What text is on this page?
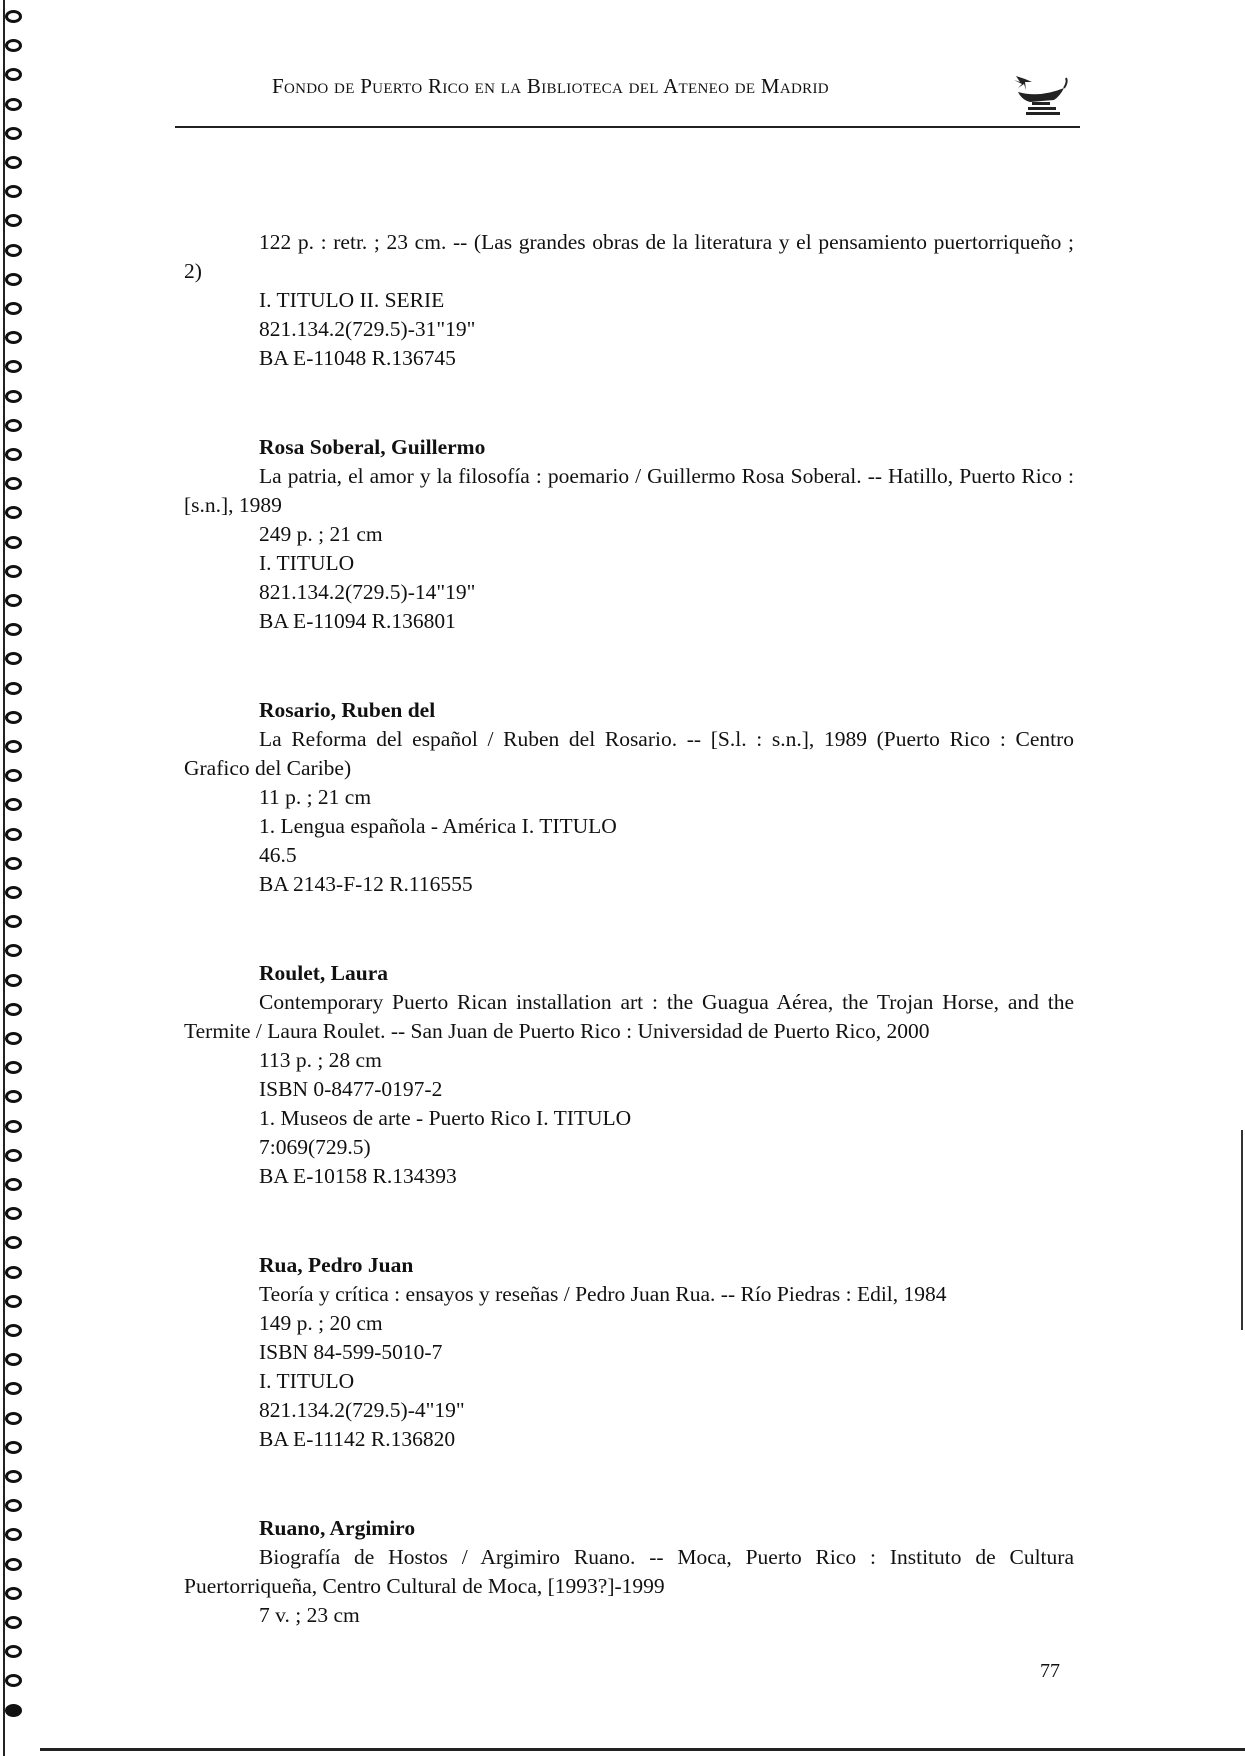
Fondo de Puerto Rico en la Biblioteca del Ateneo de Madrid
122 p. : retr. ; 23 cm. -- (Las grandes obras de la literatura y el pensamiento puertorriqueño ; 2)
I. TITULO II. SERIE
821.134.2(729.5)-31"19"
BA E-11048 R.136745
Rosa Soberal, Guillermo
La patria, el amor y la filosofía : poemario / Guillermo Rosa Soberal. -- Hatillo, Puerto Rico : [s.n.], 1989
249 p. ; 21 cm
I. TITULO
821.134.2(729.5)-14"19"
BA E-11094 R.136801
Rosario, Ruben del
La Reforma del español / Ruben del Rosario. -- [S.l. : s.n.], 1989 (Puerto Rico : Centro Grafico del Caribe)
11 p. ; 21 cm
1. Lengua española - América I. TITULO
46.5
BA 2143-F-12 R.116555
Roulet, Laura
Contemporary Puerto Rican installation art : the Guagua Aérea, the Trojan Horse, and the Termite / Laura Roulet. -- San Juan de Puerto Rico : Universidad de Puerto Rico, 2000
113 p. ; 28 cm
ISBN 0-8477-0197-2
1. Museos de arte - Puerto Rico I. TITULO
7:069(729.5)
BA E-10158 R.134393
Rua, Pedro Juan
Teoría y crítica : ensayos y reseñas / Pedro Juan Rua. -- Río Piedras : Edil, 1984
149 p. ; 20 cm
ISBN 84-599-5010-7
I. TITULO
821.134.2(729.5)-4"19"
BA E-11142 R.136820
Ruano, Argimiro
Biografía de Hostos / Argimiro Ruano. -- Moca, Puerto Rico : Instituto de Cultura Puertorriqueña, Centro Cultural de Moca, [1993?]-1999
7 v. ; 23 cm
77
